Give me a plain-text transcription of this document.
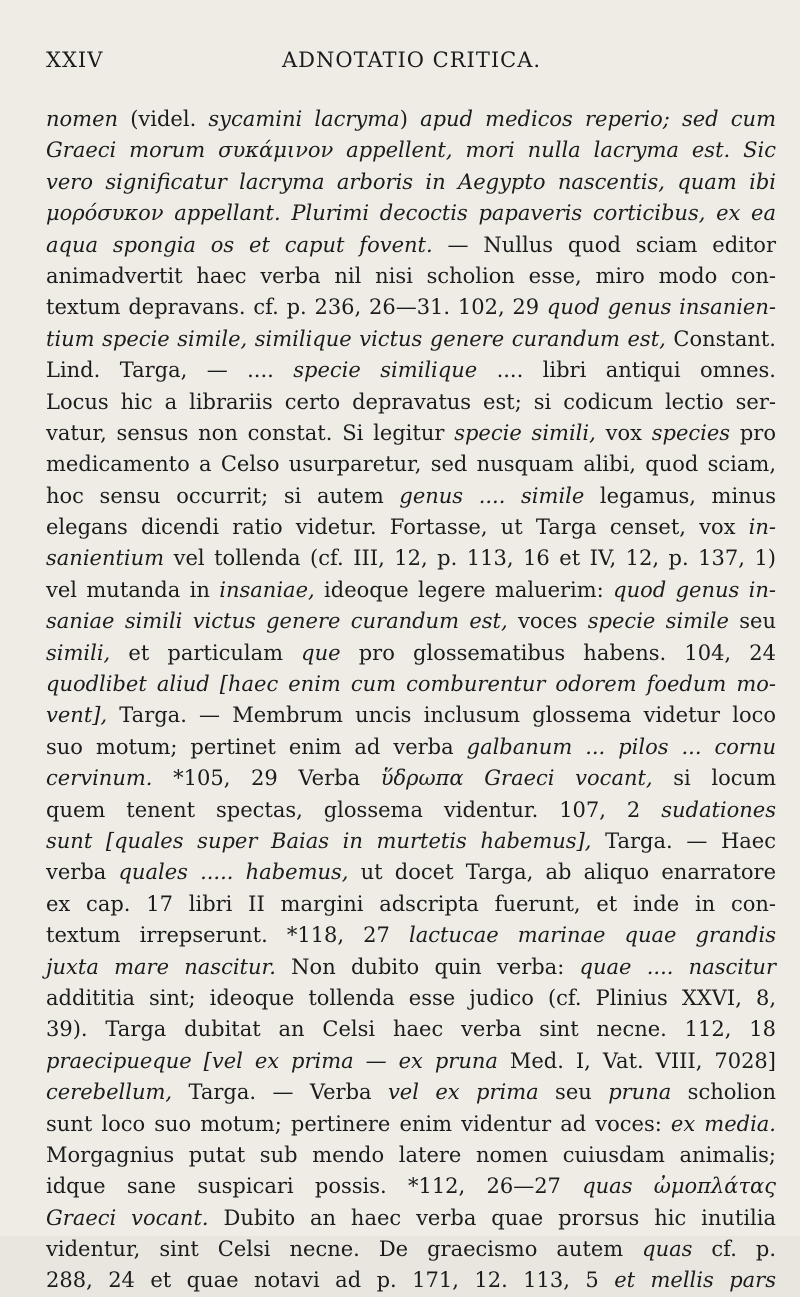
XXIV	ADNOTATIO CRITICA.
nomen (videl. sycamini lacryma) apud medicos reperio; sed cum
Graeci morum συκάμινον appellent, mori nulla lacryma est. Sic
vero significatur lacryma arboris in Aegypto nascentis, quam ibi
μορόσυκον appellant. Plurimi decoctis papaveris corticibus, ex ea
aqua spongia os et caput fovent. — Nullus quod sciam editor
animadvertit haec verba nil nisi scholion esse, miro modo con-
textum depravans. cf. p. 236, 26—31. 102, 29 quod genus insanien-
tium specie simile, similique victus genere curandum est, Constant.
Lind. Targa, — .... specie similique .... libri antiqui omnes.
Locus hic a librariis certo depravatus est; si codicum lectio ser-
vatur, sensus non constat. Si legitur specie simili, vox species pro
medicamento a Celso usurparetur, sed nusquam alibi, quod sciam,
hoc sensu occurrit; si autem genus .... simile legamus, minus
elegans dicendi ratio videtur. Fortasse, ut Targa censet, vox in-
sanientium vel tollenda (cf. III, 12, p. 113, 16 et IV, 12, p. 137, 1)
vel mutanda in insaniae, ideoque legere maluerim: quod genus in-
saniae simili victus genere curandum est, voces specie simile seu
simili, et particulam que pro glossematibus habens. 104, 24
quodlibet aliud [haec enim cum comburentur odorem foedum mo-
vent], Targa. — Membrum uncis inclusum glossema videtur loco
suo motum; pertinet enim ad verba galbanum ... pilos ... cornu
cervinum. *105, 29 Verba ὕδρωπα Graeci vocant, si locum
quem tenent spectas, glossema videntur. 107, 2 sudationes
sunt [quales super Baias in murtetis habemus], Targa. — Haec
verba quales ..... habemus, ut docet Targa, ab aliquo enarratore
ex cap. 17 libri II margini adscripta fuerunt, et inde in con-
textum irrepserunt. *118, 27 lactucae marinae quae grandis
juxta mare nascitur. Non dubito quin verba: quae .... nascitur
addititia sint; ideoque tollenda esse judico (cf. Plinius XXVI, 8,
39). Targa dubitat an Celsi haec verba sint necne. 112, 18
praecipueque [vel ex prima — ex pruna Med. I, Vat. VIII, 7028]
cerebellum, Targa. — Verba vel ex prima seu pruna scholion
sunt loco suo motum; pertinere enim videntur ad voces: ex media.
Morgagnius putat sub mendo latere nomen cuiusdam animalis;
idque sane suspicari possis. *112, 26—27 quas ὠμοπλάτας
Graeci vocant. Dubito an haec verba quae prorsus hic inutilia
videntur, sint Celsi necne. De graecismo autem quas cf. p.
288, 24 et quae notavi ad p. 171, 12. 113, 5 et mellis pars
